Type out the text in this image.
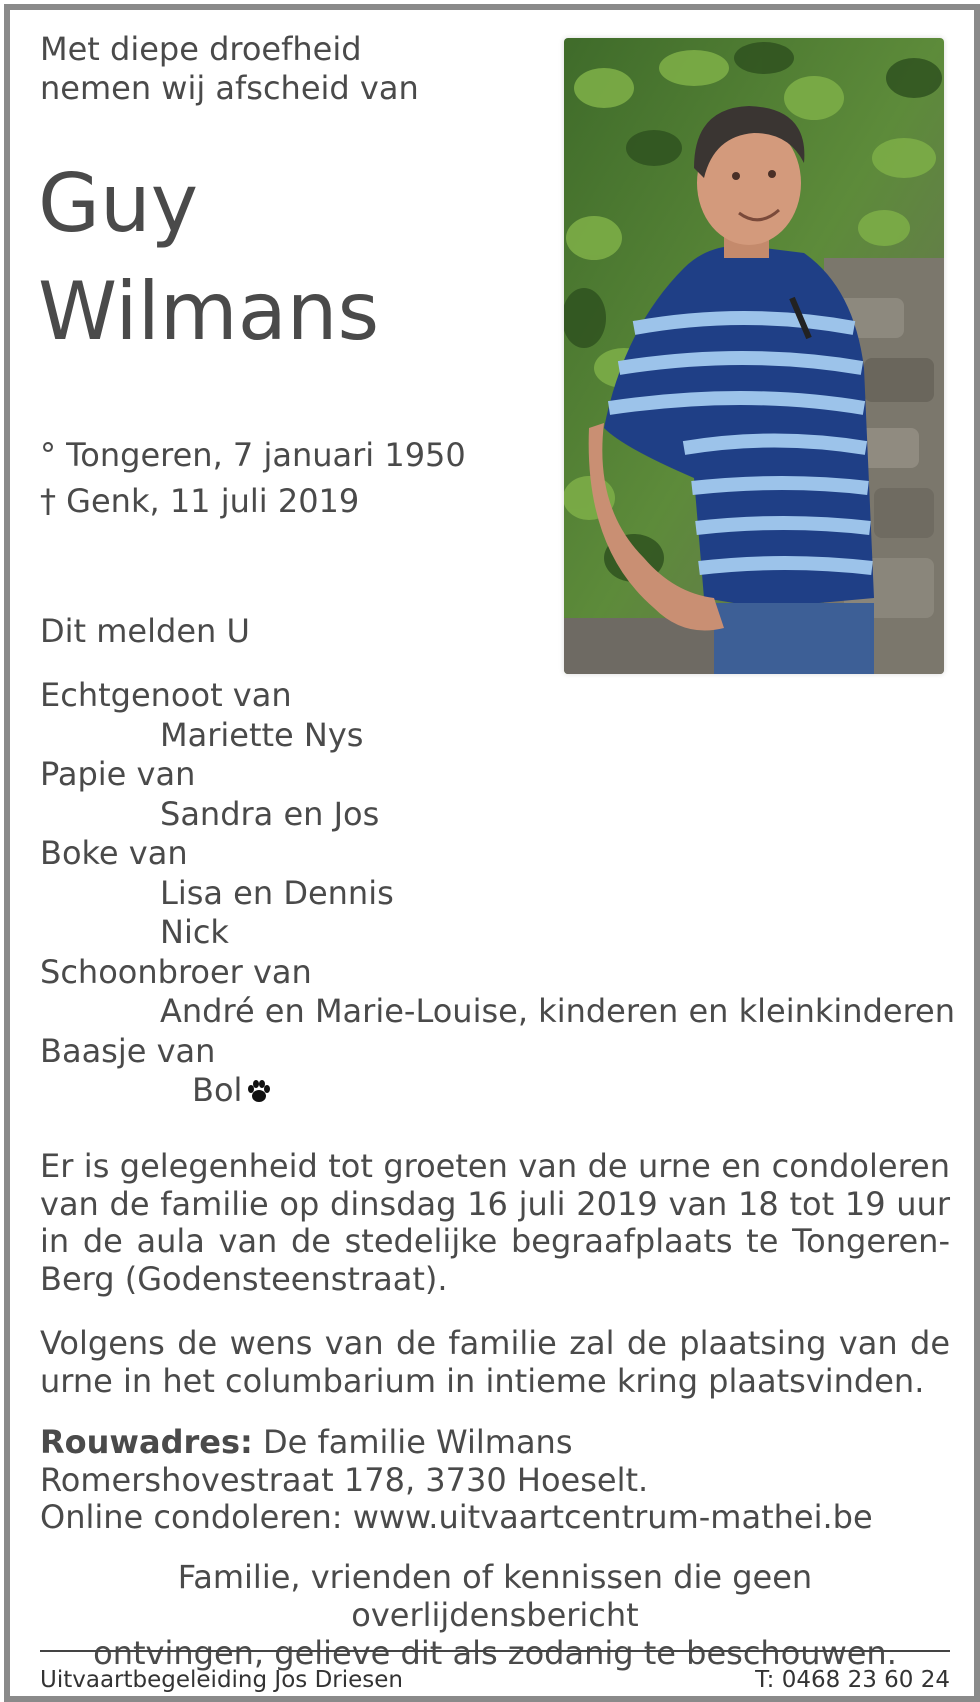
Met diepe droefheid
nemen wij afscheid van
Guy
Wilmans
° Tongeren, 7 januari 1950
† Genk, 11 juli 2019
Dit melden U
Echtgenoot van
Mariette Nys
Papie van
Sandra en Jos
Boke van
Lisa en Dennis
Nick
Schoonbroer van
André en Marie-Louise, kinderen en kleinkinderen
Baasje van
Bol
Er is gelegenheid tot groeten van de urne en condoleren van de familie op dinsdag 16 juli 2019 van 18 tot 19 uur in de aula van de stedelijke begraafplaats te Tongeren-Berg (Godensteenstraat).
Volgens de wens van de familie zal de plaatsing van de urne in het columbarium in intieme kring plaatsvinden.
Rouwadres: De familie Wilmans
Romershovestraat 178, 3730 Hoeselt.
Online condoleren: www.uitvaartcentrum-mathei.be
Familie, vrienden of kennissen die geen overlijdensbericht
ontvingen, gelieve dit als zodanig te beschouwen.
Uitvaartbegeleiding Jos Driesen	T: 0468 23 60 24
